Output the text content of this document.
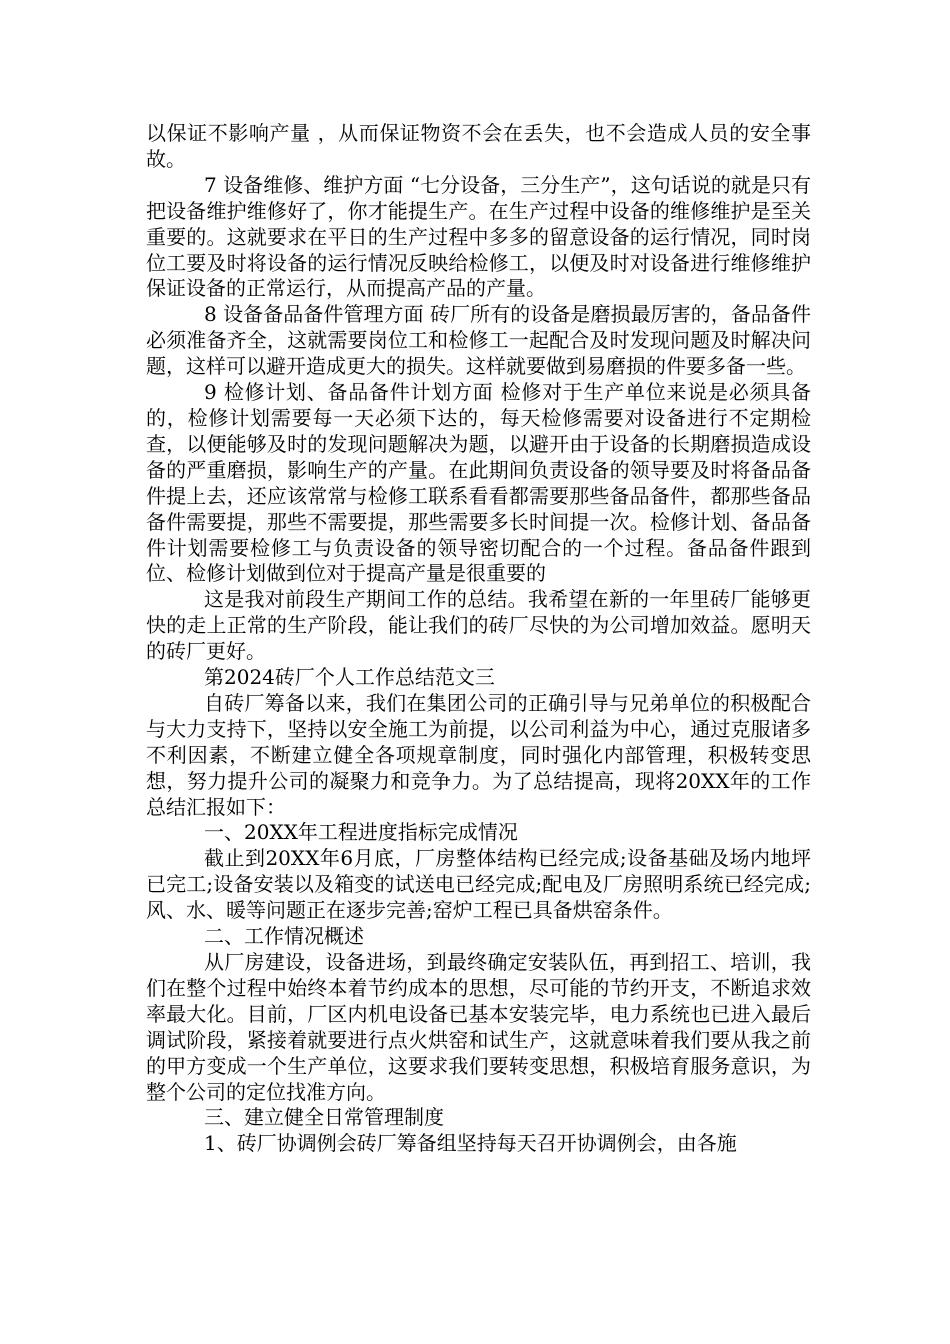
以保证不影响产量 ，从而保证物资不会在丢失，也不会造成人员的安全事故。

7 设备维修、维护方面 “七分设备，三分生产”，这句话说的就是只有把设备维护维修好了，你才能提生产。在生产过程中设备的维修维护是至关重要的。这就要求在平日的生产过程中多多的留意设备的运行情况，同时岗位工要及时将设备的运行情况反映给检修工，以便及时对设备进行维修维护保证设备的正常运行，从而提高产品的产量。

8 设备备品备件管理方面 砖厂所有的设备是磨损最厉害的，备品备件必须准备齐全，这就需要岗位工和检修工一起配合及时发现问题及时解决问题，这样可以避开造成更大的损失。这样就要做到易磨损的件要多备一些。

9 检修计划、备品备件计划方面 检修对于生产单位来说是必须具备的，检修计划需要每一天必须下达的，每天检修需要对设备进行不定期检查，以便能够及时的发现问题解决为题，以避开由于设备的长期磨损造成设备的严重磨损，影响生产的产量。在此期间负责设备的领导要及时将备品备件提上去，还应该常常与检修工联系看看都需要那些备品备件，都那些备品备件需要提，那些不需要提，那些需要多长时间提一次。检修计划、备品备件计划需要检修工与负责设备的领导密切配合的一个过程。备品备件跟到位、检修计划做到位对于提高产量是很重要的

这是我对前段生产期间工作的总结。我希望在新的一年里砖厂能够更快的走上正常的生产阶段，能让我们的砖厂尽快的为公司增加效益。愿明天的砖厂更好。

第2024砖厂个人工作总结范文三

自砖厂筹备以来，我们在集团公司的正确引导与兄弟单位的积极配合与大力支持下，坚持以安全施工为前提，以公司利益为中心，通过克服诸多不利因素，不断建立健全各项规章制度，同时强化内部管理，积极转变思想，努力提升公司的凝聚力和竞争力。为了总结提高，现将20XX年的工作总结汇报如下：

一、20XX年工程进度指标完成情况

截止到20XX年6月底，厂房整体结构已经完成;设备基础及场内地坪已完工;设备安装以及箱变的试送电已经完成;配电及厂房照明系统已经完成;风、水、暖等问题正在逐步完善;窑炉工程已具备烘窑条件。

二、工作情况概述

从厂房建设，设备进场，到最终确定安装队伍，再到招工、培训，我们在整个过程中始终本着节约成本的思想，尽可能的节约开支，不断追求效率最大化。目前，厂区内机电设备已基本安装完毕，电力系统也已进入最后调试阶段，紧接着就要进行点火烘窑和试生产，这就意味着我们要从我之前的甲方变成一个生产单位，这要求我们要转变思想，积极培育服务意识，为整个公司的定位找准方向。

三、建立健全日常管理制度

1、砖厂协调例会砖厂筹备组坚持每天召开协调例会，由各施
